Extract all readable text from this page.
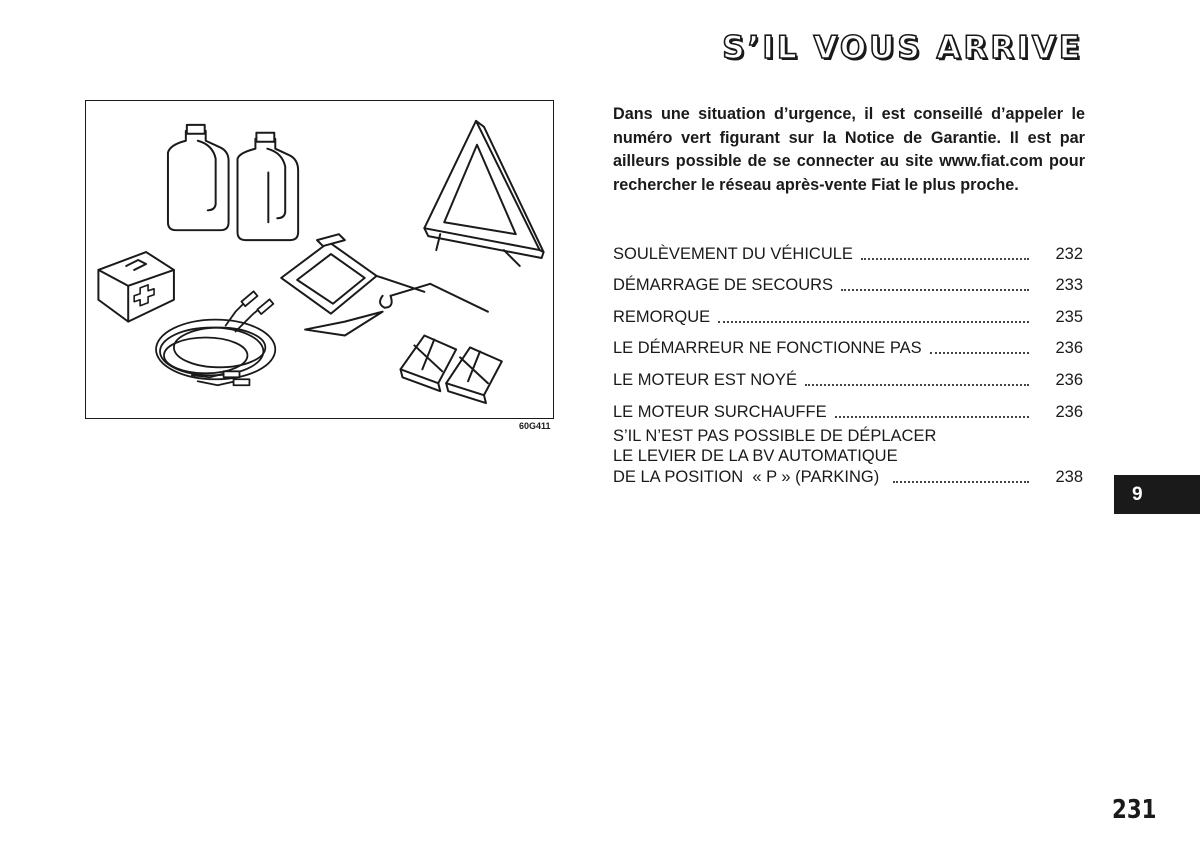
S’IL VOUS ARRIVE
60G411

Dans une situation d’urgence, il est conseillé d’appeler le numéro vert figurant sur la Notice de Garantie. Il est par ailleurs possible de se connecter au site www.fiat.com pour rechercher le réseau après-vente Fiat le plus proche.

SOULÈVEMENT DU VÉHICULE	232
DÉMARRAGE DE SECOURS	233
REMORQUE	235
LE DÉMARREUR NE FONCTIONNE PAS	236
LE MOTEUR EST NOYÉ	236
LE MOTEUR SURCHAUFFE	236
S’IL N’EST PAS POSSIBLE DE DÉPLACER
LE LEVIER DE LA BV AUTOMATIQUE
DE LA POSITION  « P » (PARKING)	238
9
231
